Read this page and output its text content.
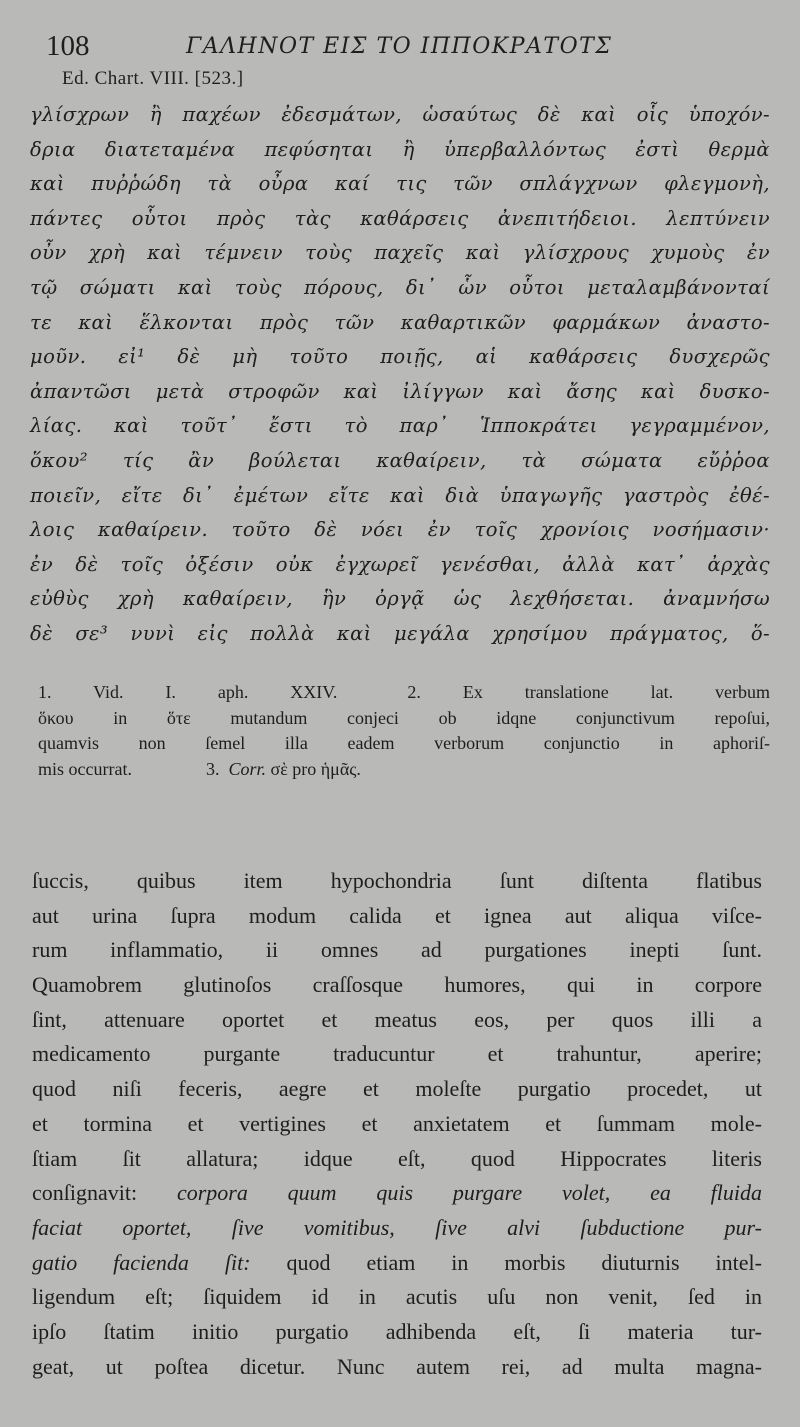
108	ΓΑΛΗΝΟΤ ΕΙΣ ΤΟ ΙΠΠΟΚΡΑΤΟΤΣ
Ed. Chart. VIII. [523.]
γλίσχρων ἢ παχέων ἐδεσμάτων, ὡσαύτως δὲ καὶ οἷς ὑποχόν-
δρια διατεταμένα πεφύσηται ἢ ὑπερβαλλόντως ἐστὶ θερμὰ
καὶ πυῤῥώδη τὰ οὖρα καί τις τῶν σπλάγχνων φλεγμονὴ,
πάντες οὗτοι πρὸς τὰς καθάρσεις ἀνεπιτήδειοι. λεπτύνειν
οὖν χρὴ καὶ τέμνειν τοὺς παχεῖς καὶ γλίσχρους χυμοὺς ἐν
τῷ σώματι καὶ τοὺς πόρους, δι᾽ ὧν οὗτοι μεταλαμβάνονταί
τε καὶ ἕλκονται πρὸς τῶν καθαρτικῶν φαρμάκων ἀναστο-
μοῦν. εἰ¹ δὲ μὴ τοῦτο ποιῇς, αἱ καθάρσεις δυσχερῶς
ἀπαντῶσι μετὰ στροφῶν καὶ ἰλίγγων καὶ ἄσης καὶ δυσκο-
λίας. καὶ τοῦτ᾽ ἔστι τὸ παρ᾽ Ἱπποκράτει γεγραμμένον,
ὅκου² τίς ἂν βούλεται καθαίρειν, τὰ σώματα εὔῤῥοα
ποιεῖν, εἴτε δι᾽ ἐμέτων εἴτε καὶ διὰ ὑπαγωγῆς γαστρὸς ἐθέ-
λοις καθαίρειν. τοῦτο δὲ νόει ἐν τοῖς χρονίοις νοσήμασιν·
ἐν δὲ τοῖς ὀξέσιν οὐκ ἐγχωρεῖ γενέσθαι, ἀλλὰ κατ᾽ ἀρχὰς
εὐθὺς χρὴ καθαίρειν, ἣν ὀργᾷ ὡς λεχθήσεται. ἀναμνήσω
δὲ σε³ νυνὶ εἰς πολλὰ καὶ μεγάλα χρησίμου πράγματος, ὅ-
1. Vid. I. aph. XXIV.	2. Ex translatione lat. verbum
ὅκου in ὅτε mutandum conjeci ob idqne conjunctivum repoſui,
quamvis non ſemel illa eadem verborum conjunctio in aphoriſ-
mis occurrat.	3. Corr. σὲ pro ἡμᾶς.
ſuccis, quibus item hypochondria ſunt diſtenta flatibus
aut urina ſupra modum calida et ignea aut aliqua viſce-
rum inflammatio, ii omnes ad purgationes inepti ſunt.
Quamobrem glutinoſos craſſosque humores, qui in corpore
ſint, attenuare oportet et meatus eos, per quos illi a
medicamento purgante traducuntur et trahuntur, aperire;
quod niſi feceris, aegre et moleſte purgatio procedet, ut
et tormina et vertigines et anxietatem et ſummam mole-
ſtiam ſit allatura; idque eſt, quod Hippocrates literis
conſignavit: corpora quum quis purgare volet, ea fluida
faciat oportet, ſive vomitibus, ſive alvi ſubductione pur-
gatio facienda ſit: quod etiam in morbis diuturnis intel-
ligendum eſt; ſiquidem id in acutis uſu non venit, ſed in
ipſo ſtatim initio purgatio adhibenda eſt, ſi materia tur-
geat, ut poſtea dicetur. Nunc autem rei, ad multa magna-
